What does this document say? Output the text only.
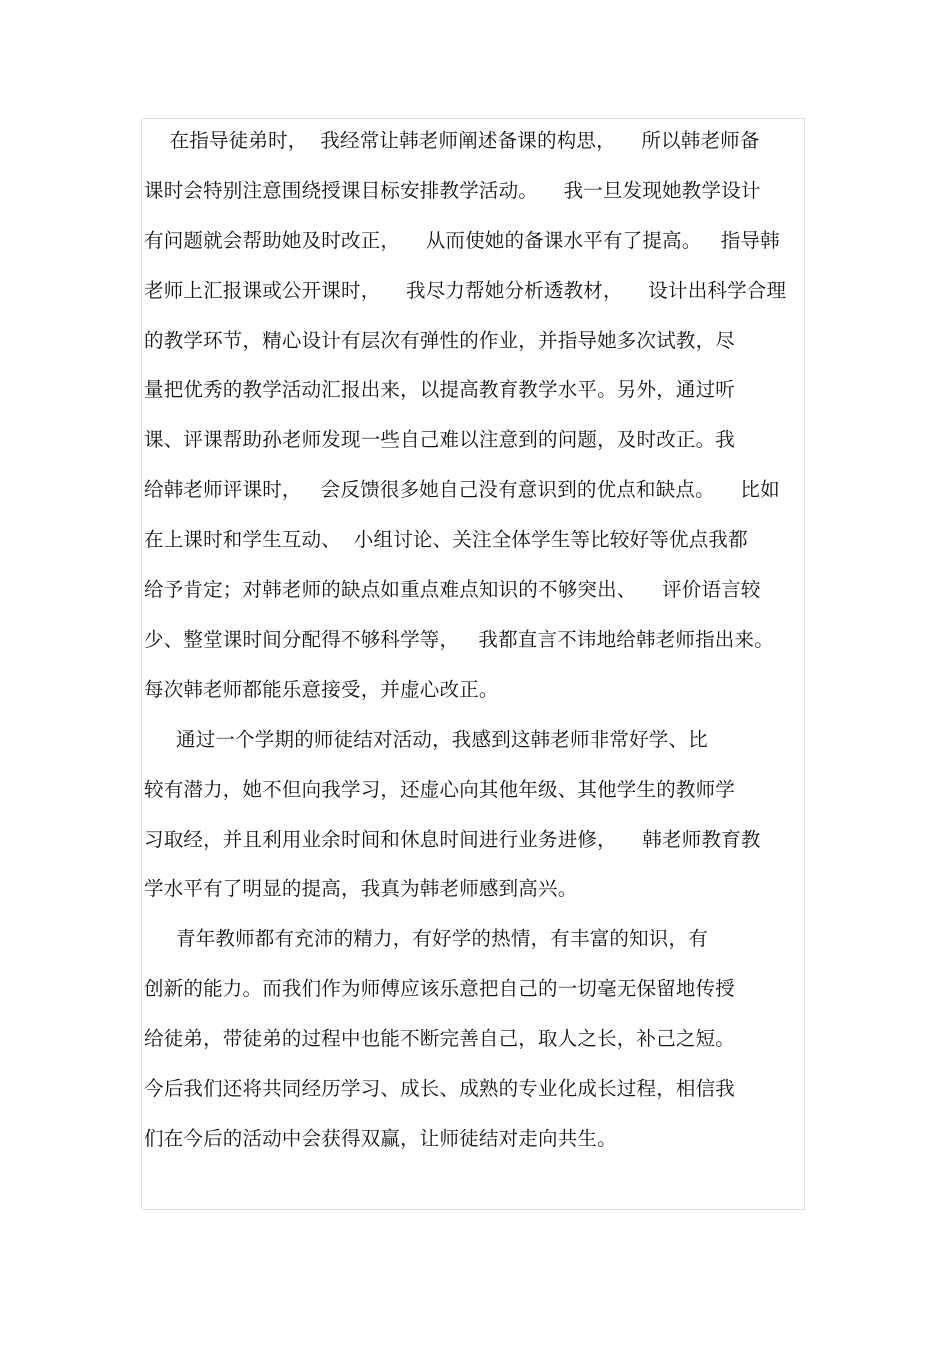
在指导徒弟时，  我经常让韩老师阐述备课的构思，    所以韩老师备
课时会特别注意围绕授课目标安排教学活动。    我一旦发现她教学设计
有问题就会帮助她及时改正，    从而使她的备课水平有了提高。   指导韩
老师上汇报课或公开课时，    我尽力帮她分析透教材，    设计出科学合理
的教学环节，精心设计有层次有弹性的作业，并指导她多次试教，尽
量把优秀的教学活动汇报出来，以提高教育教学水平。另外，通过听
课、评课帮助孙老师发现一些自己难以注意到的问题，及时改正。我
给韩老师评课时，   会反馈很多她自己没有意识到的优点和缺点。    比如
在上课时和学生互动、  小组讨论、关注全体学生等比较好等优点我都
给予肯定；对韩老师的缺点如重点难点知识的不够突出、    评价语言较
少、整堂课时间分配得不够科学等，   我都直言不讳地给韩老师指出来。
每次韩老师都能乐意接受，并虚心改正。
通过一个学期的师徒结对活动，我感到这韩老师非常好学、比
较有潜力，她不但向我学习，还虚心向其他年级、其他学生的教师学
习取经，并且利用业余时间和休息时间进行业务进修，    韩老师教育教
学水平有了明显的提高，我真为韩老师感到高兴。
青年教师都有充沛的精力，有好学的热情，有丰富的知识，有
创新的能力。而我们作为师傅应该乐意把自己的一切毫无保留地传授
给徒弟，带徒弟的过程中也能不断完善自己，取人之长，补己之短。
今后我们还将共同经历学习、成长、成熟的专业化成长过程，相信我
们在今后的活动中会获得双赢，让师徒结对走向共生。
